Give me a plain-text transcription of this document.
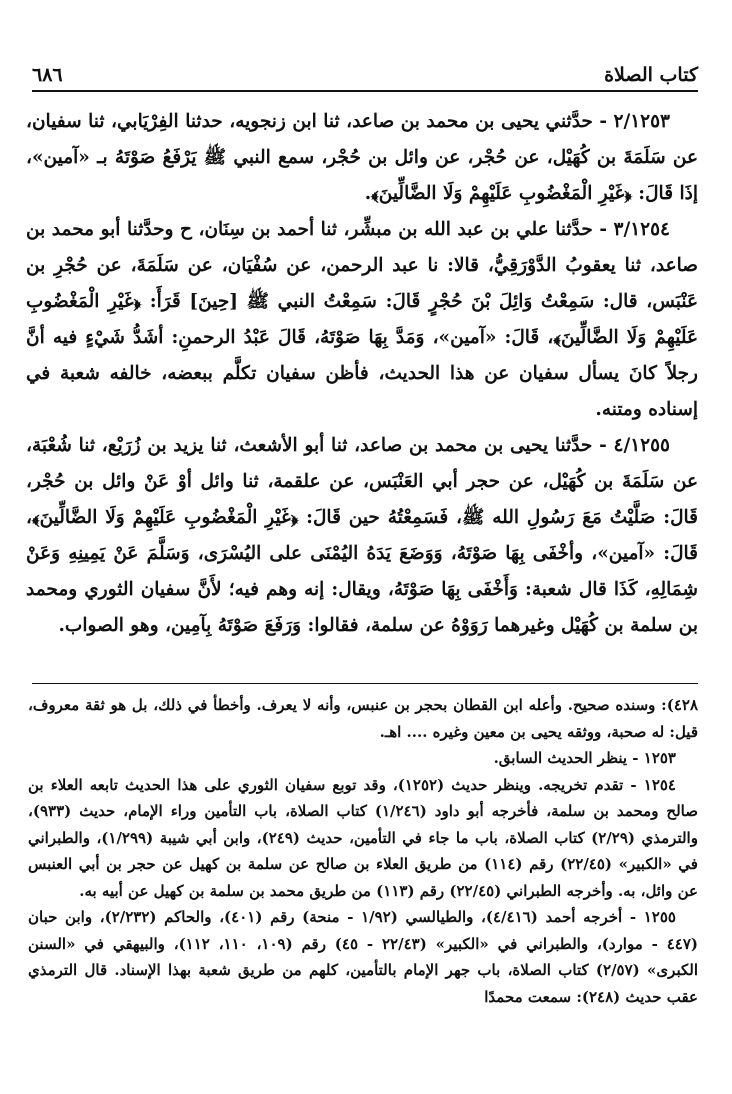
٦٨٦	كتاب الصلاة

٢/١٢٥٣ - حدَّثني يحيى بن محمد بن صاعد، ثنا ابن زنجويه، حدثنا الفِرْيَابي، ثنا سفيان، عن سَلَمَةَ بن كُهَيْل، عن حُجْر، عن وائل بن حُجْر، سمع النبي ﷺ يَرْفَعُ صَوْتَهُ بـ «آمين»، إذَا قَالَ: ﴿غَيْرِ الْمَغْضُوبِ عَلَيْهِمْ وَلَا الضَّالِّينَ﴾.

٣/١٢٥٤ - حدَّثنا علي بن عبد الله بن مبشِّر، ثنا أحمد بن سِنَان، ح وحدَّثنا أبو محمد بن صاعد، ثنا يعقوبُ الدَّوْرَقِيُّ، قالا: نا عبد الرحمن، عن سُفْيَان، عن سَلَمَةَ، عن حُجْرِ بن عَنْبَس، قال: سَمِعْتُ وَائِلَ بْنَ حُجْرٍ قَالَ: سَمِعْتُ النبي ﷺ [حِينَ] قَرَأَ: ﴿غَيْرِ الْمَغْضُوبِ عَلَيْهِمْ وَلَا الضَّالِّينَ﴾، قَالَ: «آمين»، وَمَدَّ بِهَا صَوْتَهُ، قَالَ عَبْدُ الرحمنِ: أشَدُّ شَيْءٍ فيه أنَّ رجلاً كانَ يسأل سفيان عن هذا الحديث، فأظن سفيان تكلَّم ببعضه، خالفه شعبة في إسناده ومتنه.

٤/١٢٥٥ - حدَّثنا يحيى بن محمد بن صاعد، ثنا أبو الأشعث، ثنا يزيد بن زُرَيْع، ثنا شُعْبَة، عن سَلَمَةَ بن كُهَيْل، عن حجر أبي العَنْبَس، عن علقمة، ثنا وائل أوْ عَنْ وائل بن حُجْر، قَالَ: صَلَّيْتُ مَعَ رَسُولِ الله ﷺ، فَسَمِعْتُهُ حين قَالَ: ﴿غَيْرِ الْمَغْضُوبِ عَلَيْهِمْ وَلَا الضَّالِّينَ﴾، قَالَ: «آمين»، وأخْفَى بِهَا صَوْتَهُ، وَوَضَعَ يَدَهُ اليُمْنَى على اليُسْرَى، وَسَلَّمَ عَنْ يَمِينِهِ وَعَنْ شِمَالِهِ، كَذَا قال شعبة: وَأَخْفَى بِهَا صَوْتَهُ، ويقال: إنه وهم فيه؛ لأَنَّ سفيان الثوري ومحمد بن سلمة بن كُهَيْل وغيرهما رَوَوْهُ عن سلمة، فقالوا: وَرَفَعَ صَوْتَهُ بِآمِين، وهو الصواب.

٤٢٨): وسنده صحيح. وأعله ابن القطان بحجر بن عنبس، وأنه لا يعرف. وأخطأ في ذلك، بل هو ثقة معروف، قيل: له صحبة، ووثقه يحيى بن معين وغيره .... اهـ.

١٢٥٣ - ينظر الحديث السابق.

١٢٥٤ - تقدم تخريجه. وينظر حديث (١٢٥٢)، وقد توبع سفيان الثوري على هذا الحديث تابعه العلاء بن صالح ومحمد بن سلمة، فأخرجه أبو داود (١/٢٤٦) كتاب الصلاة، باب التأمين وراء الإمام، حديث (٩٣٣)، والترمذي (٢/٢٩) كتاب الصلاة، باب ما جاء في التأمين، حديث (٢٤٩)، وابن أبي شيبة (١/٢٩٩)، والطبراني في «الكبير» (٢٢/٤٥) رقم (١١٤) من طريق العلاء بن صالح عن سلمة بن كهيل عن حجر بن أبي العنبس عن وائل، به. وأخرجه الطبراني (٢٢/٤٥) رقم (١١٣) من طريق محمد بن سلمة بن كهيل عن أبيه به.

١٢٥٥ - أخرجه أحمد (٤/٤١٦)، والطيالسي (١/٩٢ - منحة) رقم (٤٠١)، والحاكم (٢/٢٣٢)، وابن حبان (٤٤٧ - موارد)، والطبراني في «الكبير» (٢٢/٤٣ - ٤٥) رقم (١٠٩، ١١٠، ١١٢)، والبيهقي في «السنن الكبرى» (٢/٥٧) كتاب الصلاة، باب جهر الإمام بالتأمين، كلهم من طريق شعبة بهذا الإسناد. قال الترمذي عقب حديث (٢٤٨): سمعت محمدًا
